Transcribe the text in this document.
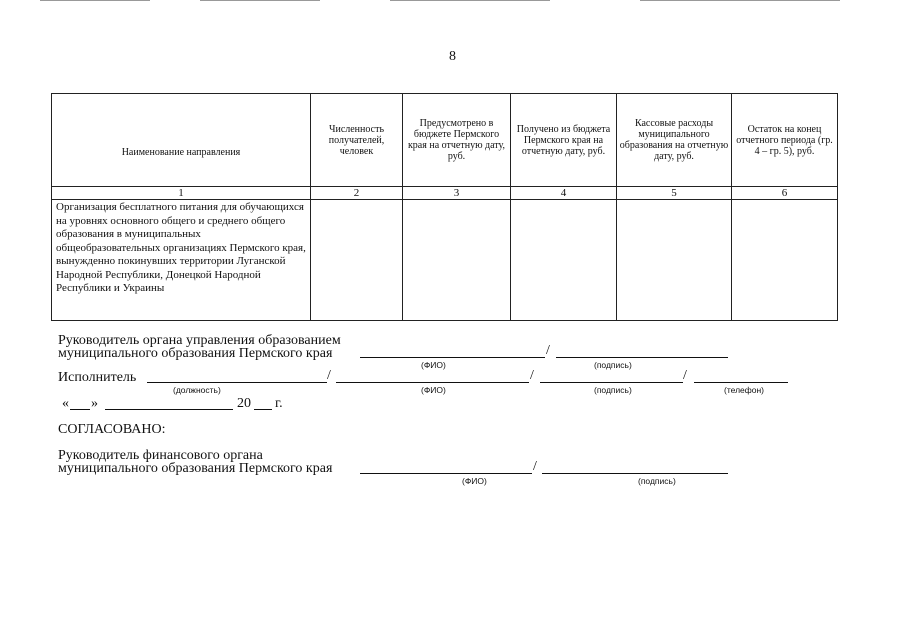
8
Наименование направления	Численность получателей, человек	Предусмотрено в бюджете Пермского края на отчетную дату, руб.	Получено из бюджета Пермского края на отчетную дату, руб.	Кассовые расходы муниципального образования на отчетную дату, руб.	Остаток на конец отчетного периода (гр. 4 – гр. 5), руб.
1	2	3	4	5	6
Организация бесплатного питания для обучающихся на уровнях основного общего и среднего общего образования в муниципальных общеобразовательных организациях Пермского края, вынужденно покинувших территории Луганской Народной Республики, Донецкой Народной Республики и Украины					
Руководитель органа управления образованием
муниципального образования Пермского края	/
(ФИО)	(подпись)
Исполнитель	/	/	/
(должность)	(ФИО)	(подпись)	(телефон)
« »	20 г.
СОГЛАСОВАНО:
Руководитель финансового органа
муниципального образования Пермского края	/
(ФИО)	(подпись)
